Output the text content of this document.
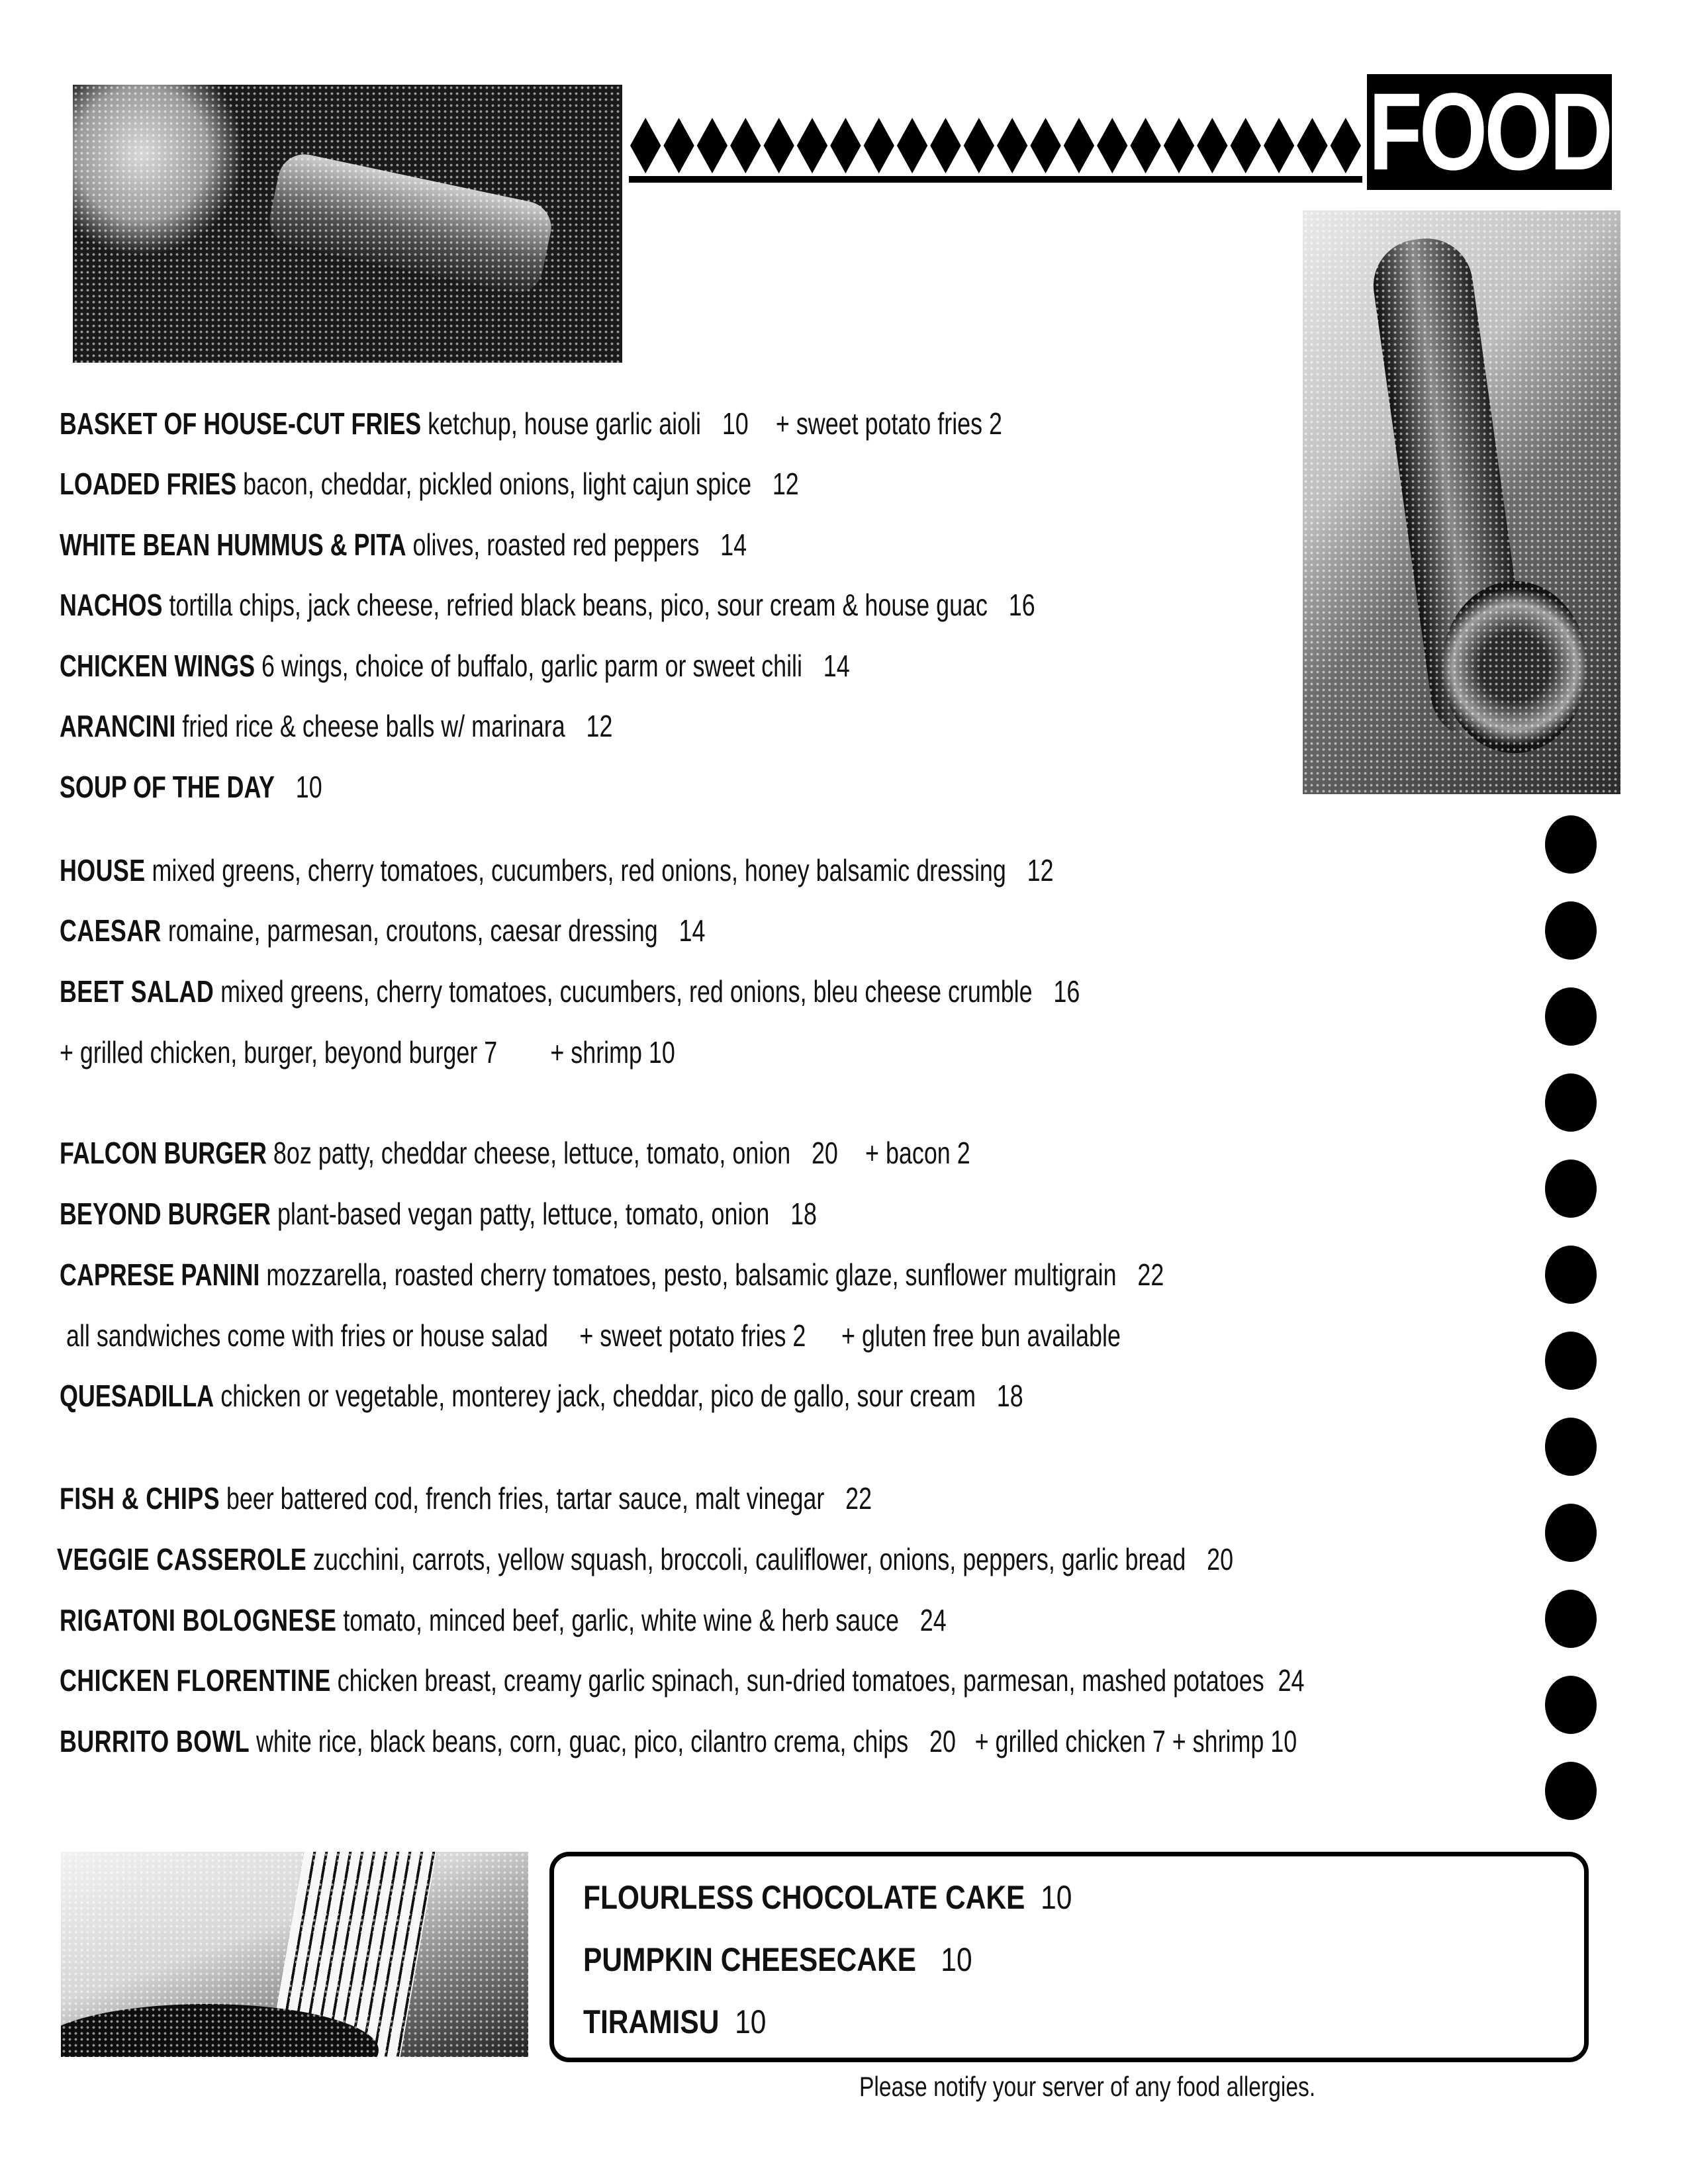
FOOD
BASKET OF HOUSE-CUT FRIES ketchup, house garlic aioli 10 + sweet potato fries 2
LOADED FRIES bacon, cheddar, pickled onions, light cajun spice 12
WHITE BEAN HUMMUS & PITA olives, roasted red peppers 14
NACHOS tortilla chips, jack cheese, refried black beans, pico, sour cream & house guac 16
CHICKEN WINGS 6 wings, choice of buffalo, garlic parm or sweet chili 14
ARANCINI fried rice & cheese balls w/ marinara 12
SOUP OF THE DAY 10
HOUSE mixed greens, cherry tomatoes, cucumbers, red onions, honey balsamic dressing 12
CAESAR romaine, parmesan, croutons, caesar dressing 14
BEET SALAD mixed greens, cherry tomatoes, cucumbers, red onions, bleu cheese crumble 16
+ grilled chicken, burger, beyond burger 7 + shrimp 10
FALCON BURGER 8oz patty, cheddar cheese, lettuce, tomato, onion 20 + bacon 2
BEYOND BURGER plant-based vegan patty, lettuce, tomato, onion 18
CAPRESE PANINI mozzarella, roasted cherry tomatoes, pesto, balsamic glaze, sunflower multigrain 22
all sandwiches come with fries or house salad + sweet potato fries 2 + gluten free bun available
QUESADILLA chicken or vegetable, monterey jack, cheddar, pico de gallo, sour cream 18
FISH & CHIPS beer battered cod, french fries, tartar sauce, malt vinegar 22
VEGGIE CASSEROLE zucchini, carrots, yellow squash, broccoli, cauliflower, onions, peppers, garlic bread 20
RIGATONI BOLOGNESE tomato, minced beef, garlic, white wine & herb sauce 24
CHICKEN FLORENTINE chicken breast, creamy garlic spinach, sun-dried tomatoes, parmesan, mashed potatoes 24
BURRITO BOWL white rice, black beans, corn, guac, pico, cilantro crema, chips 20 + grilled chicken 7 + shrimp 10
FLOURLESS CHOCOLATE CAKE 10
PUMPKIN CHEESECAKE 10
TIRAMISU 10
Please notify your server of any food allergies.
